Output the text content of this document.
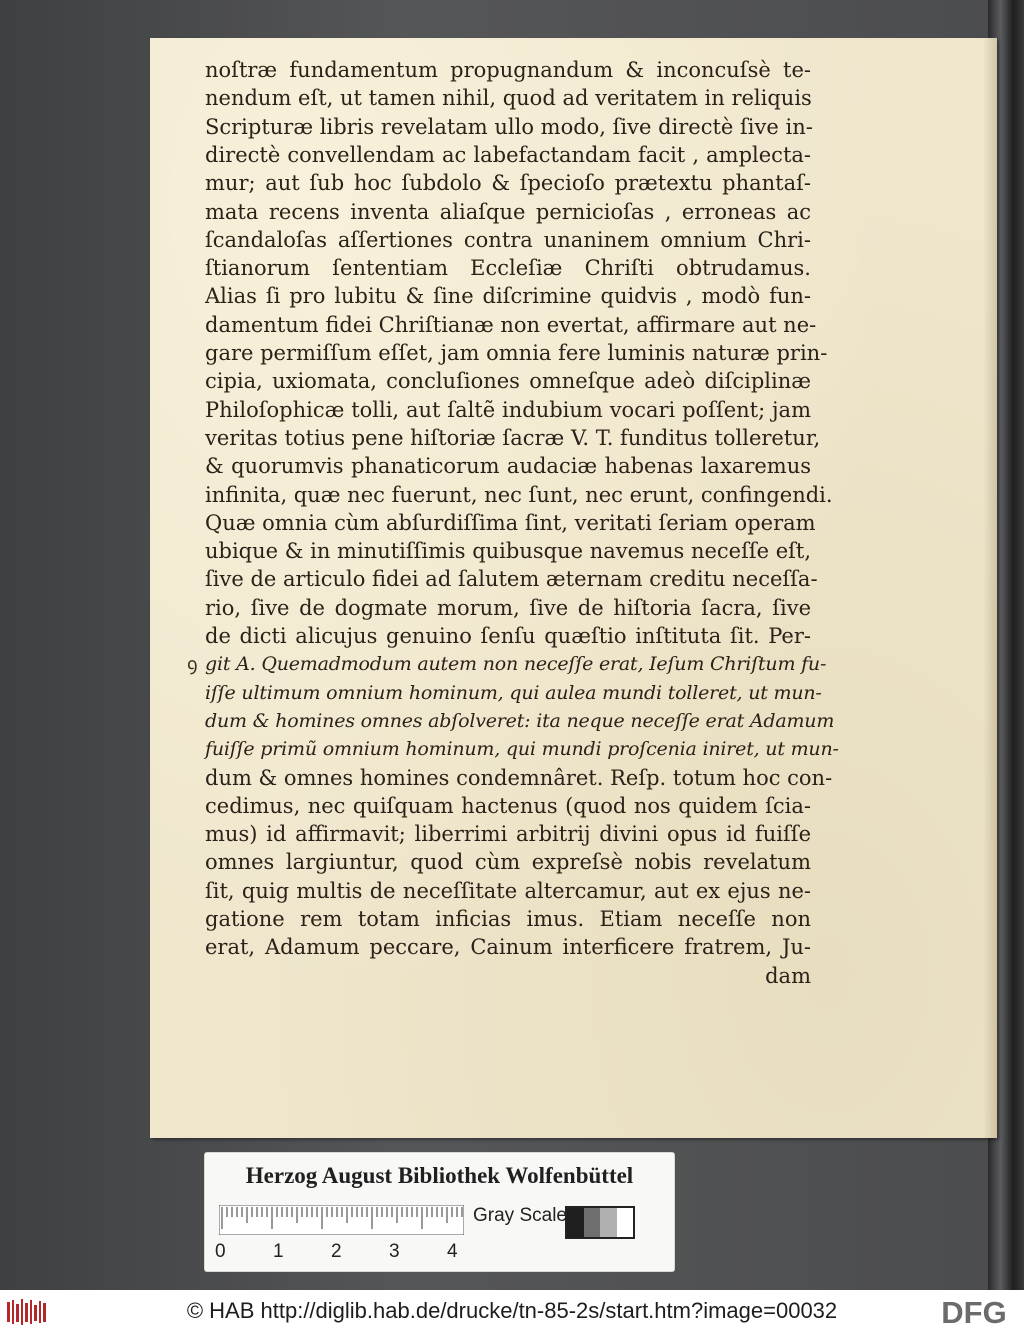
noſtræ fundamentum propugnandum & inconcuſsè te-
nendum eſt, ut tamen nihil, quod ad veritatem in reliquis
Scripturæ libris revelatam ullo modo, ſive directè ſive in-
directè convellendam ac labefactandam facit , amplecta-
mur; aut ſub hoc ſubdolo & ſpecioſo prætextu phantaſ-
mata recens inventa aliaſque pernicioſas , erroneas ac
ſcandaloſas aſſertiones contra unaninem omnium Chri-
ſtianorum ſententiam Eccleſiæ Chriſti obtrudamus.
Alias ſi pro lubitu & ſine diſcrimine quidvis , modò fun-
damentum fidei Chriſtianæ non evertat, affirmare aut ne-
gare permiſſum eſſet, jam omnia fere luminis naturæ prin-
cipia, uxiomata, concluſiones omneſque adeò diſciplinæ
Philoſophicæ tolli, aut ſaltẽ indubium vocari poſſent; jam
veritas totius pene hiſtoriæ ſacræ V. T. funditus tolleretur,
& quorumvis phanaticorum audaciæ habenas laxaremus
infinita, quæ nec fuerunt, nec ſunt, nec erunt, confingendi.
Quæ omnia cùm abſurdiſſima ſint, veritati ſeriam operam
ubique & in minutiſſimis quibusque navemus neceſſe eſt,
ſive de articulo fidei ad ſalutem æternam creditu neceſſa-
rio, ſive de dogmate morum, ſive de hiſtoria ſacra, ſive
de dicti alicujus genuino ſenſu quæſtio inſtituta ſit. Per-
git A. Quemadmodum autem non neceſſe erat, Ieſum Chriſtum fu-
iſſe ultimum omnium hominum, qui aulea mundi tolleret, ut mun-
dum & homines omnes abſolveret: ita neque neceſſe erat Adamum
fuiſſe primũ omnium hominum, qui mundi proſcenia iniret, ut mun-
dum & omnes homines condemnâret. Reſp. totum hoc con-
cedimus, nec quiſquam hactenus (quod nos quidem ſcia-
mus) id affirmavit; liberrimi arbitrij divini opus id fuiſſe
omnes largiuntur, quod cùm expreſsè nobis revelatum
ſit, quig multis de neceſſitate altercamur, aut ex ejus ne-
gatione rem totam inficias imus. Etiam neceſſe non
erat, Adamum peccare, Cainum interficere fratrem, Ju-
ꝯ
dam
Herzog August Bibliothek Wolfenbüttel
0 1 2 3 4
Gray Scale
© HAB http://diglib.hab.de/drucke/tn-85-2s/start.htm?image=00032	DFG
